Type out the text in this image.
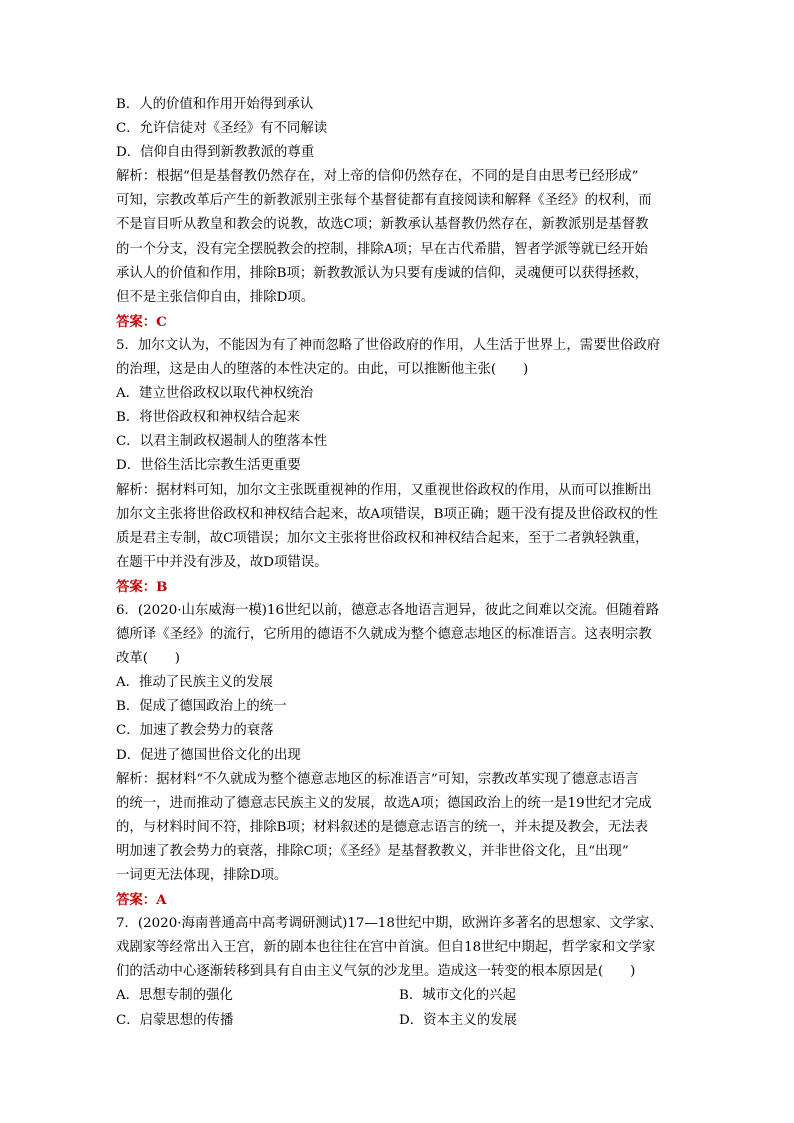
B．人的价值和作用开始得到承认
C．允许信徒对《圣经》有不同解读
D．信仰自由得到新教教派的尊重
解析：根据“但是基督教仍然存在，对上帝的信仰仍然存在，不同的是自由思考已经形成”
可知，宗教改革后产生的新教派别主张每个基督徒都有直接阅读和解释《圣经》的权利，而
不是盲目听从教皇和教会的说教，故选C项；新教承认基督教仍然存在，新教派别是基督教
的一个分支，没有完全摆脱教会的控制，排除A项；早在古代希腊，智者学派等就已经开始
承认人的价值和作用，排除B项；新教教派认为只要有虔诚的信仰，灵魂便可以获得拯救，
但不是主张信仰自由，排除D项。
答案：C
5．加尔文认为，不能因为有了神而忽略了世俗政府的作用，人生活于世界上，需要世俗政府
的治理，这是由人的堕落的本性决定的。由此，可以推断他主张(　　)
A．建立世俗政权以取代神权统治
B．将世俗政权和神权结合起来
C．以君主制政权遏制人的堕落本性
D．世俗生活比宗教生活更重要
解析：据材料可知，加尔文主张既重视神的作用，又重视世俗政权的作用，从而可以推断出
加尔文主张将世俗政权和神权结合起来，故A项错误，B项正确；题干没有提及世俗政权的性
质是君主专制，故C项错误；加尔文主张将世俗政权和神权结合起来，至于二者孰轻孰重，
在题干中并没有涉及，故D项错误。
答案：B
6．(2020·山东威海一模)16世纪以前，德意志各地语言迥异，彼此之间难以交流。但随着路
德所译《圣经》的流行，它所用的德语不久就成为整个德意志地区的标准语言。这表明宗教
改革(　　)
A．推动了民族主义的发展
B．促成了德国政治上的统一
C．加速了教会势力的衰落
D．促进了德国世俗文化的出现
解析：据材料“不久就成为整个德意志地区的标准语言”可知，宗教改革实现了德意志语言
的统一，进而推动了德意志民族主义的发展，故选A项；德国政治上的统一是19世纪才完成
的，与材料时间不符，排除B项；材料叙述的是德意志语言的统一，并未提及教会，无法表
明加速了教会势力的衰落，排除C项；《圣经》是基督教教义，并非世俗文化，且“出现”
一词更无法体现，排除D项。
答案：A
7．(2020·海南普通高中高考调研测试)17—18世纪中期，欧洲许多著名的思想家、文学家、
戏剧家等经常出入王宫，新的剧本也往往在宫中首演。但自18世纪中期起，哲学家和文学家
们的活动中心逐渐转移到具有自由主义气氛的沙龙里。造成这一转变的根本原因是(　　)
A．思想专制的强化	B．城市文化的兴起
C．启蒙思想的传播	D．资本主义的发展
